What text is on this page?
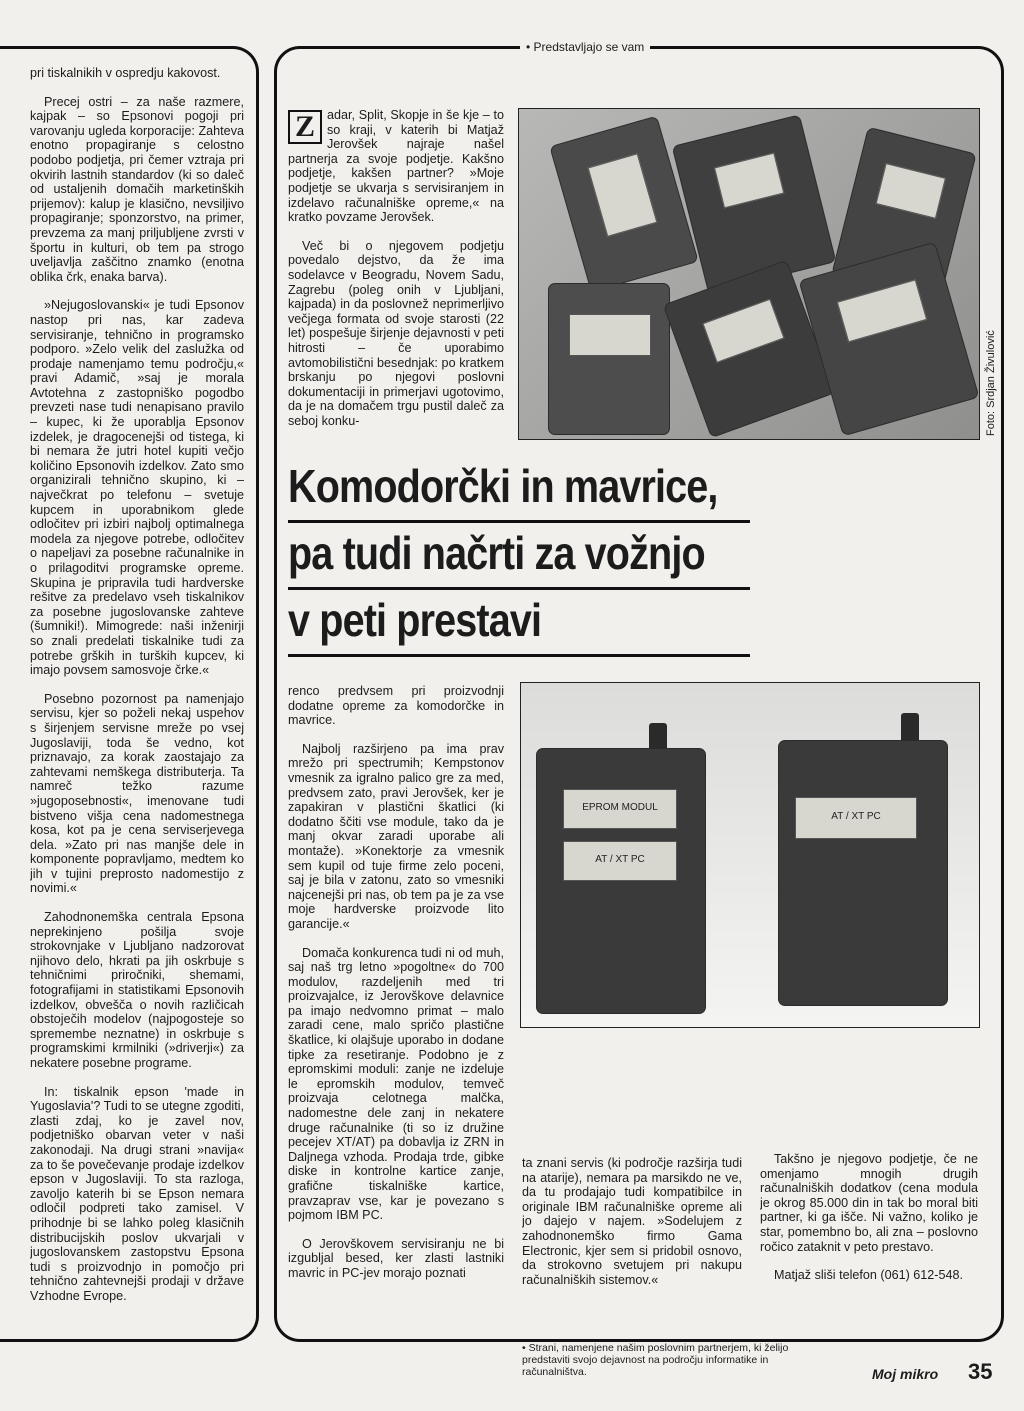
• Predstavljajo se vam

pri tiskalnikih v ospredju kakovost.

Precej ostri – za naše razmere, kajpak – so Epsonovi pogoji pri varovanju ugleda korporacije: Zahteva enotno propagiranje s celostno podobo podjetja, pri čemer vztraja pri okvirih lastnih standardov (ki so daleč od ustaljenih domačih marketinških prijemov): kalup je klasično, nevsiljivo propagiranje; sponzorstvo, na primer, prevzema za manj priljubljene zvrsti v športu in kulturi, ob tem pa strogo uveljavlja zaščitno znamko (enotna oblika črk, enaka barva).

»Nejugoslovanski« je tudi Epsonov nastop pri nas, kar zadeva servisiranje, tehnično in programsko podporo. »Zelo velik del zaslužka od prodaje namenjamo temu področju,« pravi Adamič, »saj je morala Avtotehna z zastopniško pogodbo prevzeti nase tudi nenapisano pravilo – kupec, ki že uporablja Epsonov izdelek, je dragocenejši od tistega, ki bi nemara že jutri hotel kupiti večjo količino Epsonovih izdelkov. Zato smo organizirali tehnično skupino, ki – največkrat po telefonu – svetuje kupcem in uporabnikom glede odločitev pri izbiri najbolj optimalnega modela za njegove potrebe, odločitev o napeljavi za posebne računalnike in o prilagoditvi programske opreme. Skupina je pripravila tudi hardverske rešitve za predelavo vseh tiskalnikov za posebne jugoslovanske zahteve (šumniki!). Mimogrede: naši inženirji so znali predelati tiskalnike tudi za potrebe grških in turških kupcev, ki imajo povsem samosvoje črke.«

Posebno pozornost pa namenjajo servisu, kjer so poželi nekaj uspehov s širjenjem servisne mreže po vsej Jugoslaviji, toda še vedno, kot priznavajo, za korak zaostajajo za zahtevami nemškega distributerja. Ta namreč težko razume »jugoposebnosti«, imenovane tudi bistveno višja cena nadomestnega kosa, kot pa je cena serviserjevega dela. »Zato pri nas manjše dele in komponente popravljamo, medtem ko jih v tujini preprosto nadomestijo z novimi.«

Zahodnonemška centrala Epsona neprekinjeno pošilja svoje strokovnjake v Ljubljano nadzorovat njihovo delo, hkrati pa jih oskrbuje s tehničnimi priročniki, shemami, fotografijami in statistikami Epsonovih izdelkov, obvešča o novih različicah obstoječih modelov (najpogosteje so spremembe neznatne) in oskrbuje s programskimi krmilniki (»driverji«) za nekatere posebne programe.

In: tiskalnik epson 'made in Yugoslavia'? Tudi to se utegne zgoditi, zlasti zdaj, ko je zavel nov, podjetniško obarvan veter v naši zakonodaji. Na drugi strani »navija« za to še povečevanje prodaje izdelkov epson v Jugoslaviji. To sta razloga, zavoljo katerih bi se Epson nemara odločil podpreti tako zamisel. V prihodnje bi se lahko poleg klasičnih distribucijskih poslov ukvarjali v jugoslovanskem zastopstvu Epsona tudi s proizvodnjo in pomočjo pri tehnično zahtevnejši prodaji v države Vzhodne Evrope.

Z adar, Split, Skopje in še kje – to so kraji, v katerih bi Matjaž Jerovšek najraje našel partnerja za svoje podjetje. Kakšno podjetje, kakšen partner? »Moje podjetje se ukvarja s servisiranjem in izdelavo računalniške opreme,« na kratko povzame Jerovšek.

Več bi o njegovem podjetju povedalo dejstvo, da že ima sodelavce v Beogradu, Novem Sadu, Zagrebu (poleg onih v Ljubljani, kajpada) in da poslovnež neprimerljivo večjega formata od svoje starosti (22 let) pospešuje širjenje dejavnosti v peti hitrosti – če uporabimo avtomobilistični besednjak: po kratkem brskanju po njegovi poslovni dokumentaciji in primerjavi ugotovimo, da je na domačem trgu pustil daleč za seboj konku-	Foto: Srdjan Živulović
Komodorčki in mavrice,
pa tudi načrti za vožnjo
v peti prestavi
EPROM MODUL
AT / XT PC
AT / XT PC

renco predvsem pri proizvodnji dodatne opreme za komodorčke in mavrice.

Najbolj razširjeno pa ima prav mrežo pri spectrumih; Kempstonov vmesnik za igralno palico gre za med, predvsem zato, pravi Jerovšek, ker je zapakiran v plastični škatlici (ki dodatno ščiti vse module, tako da je manj okvar zaradi uporabe ali montaže). »Konektorje za vmesnik sem kupil od tuje firme zelo poceni, saj je bila v zatonu, zato so vmesniki najcenejši pri nas, ob tem pa je za vse moje hardverske proizvode lito garancije.«

Domača konkurenca tudi ni od muh, saj naš trg letno »pogoltne« do 700 modulov, razdeljenih med tri proizvajalce, iz Jerovškove delavnice pa imajo nedvomno primat – malo zaradi cene, malo spričo plastične škatlice, ki olajšuje uporabo in dodane tipke za resetiranje. Podobno je z epromskimi moduli: zanje ne izdeluje le epromskih modulov, temveč proizvaja celotnega malčka, nadomestne dele zanj in nekatere druge računalnike (ti so iz družine pecejev XT/AT) pa dobavlja iz ZRN in Daljnega vzhoda. Prodaja trde, gibke diske in kontrolne kartice zanje, grafične tiskalniške kartice, pravzaprav vse, kar je povezano s pojmom IBM PC.

O Jerovškovem servisiranju ne bi izgubljal besed, ker zlasti lastniki mavric in PC-jev morajo poznati

ta znani servis (ki področje razširja tudi na atarije), nemara pa marsikdo ne ve, da tu prodajajo tudi kompatibilce in originale IBM računalniške opreme ali jo dajejo v najem. »Sodelujem z zahodnonemško firmo Gama Electronic, kjer sem si pridobil osnovo, da strokovno svetujem pri nakupu računalniških sistemov.«

Takšno je njegovo podjetje, če ne omenjamo mnogih drugih računalniških dodatkov (cena modula je okrog 85.000 din in tak bo moral biti partner, ki ga išče. Ni važno, koliko je star, pomembno bo, ali zna – poslovno ročico zataknit v peto prestavo.

Matjaž sliši telefon (061) 612-548.

• Strani, namenjene našim poslovnim partnerjem, ki želijo predstaviti svojo dejavnost na področju informatike in računalništva.	Moj mikro 35
